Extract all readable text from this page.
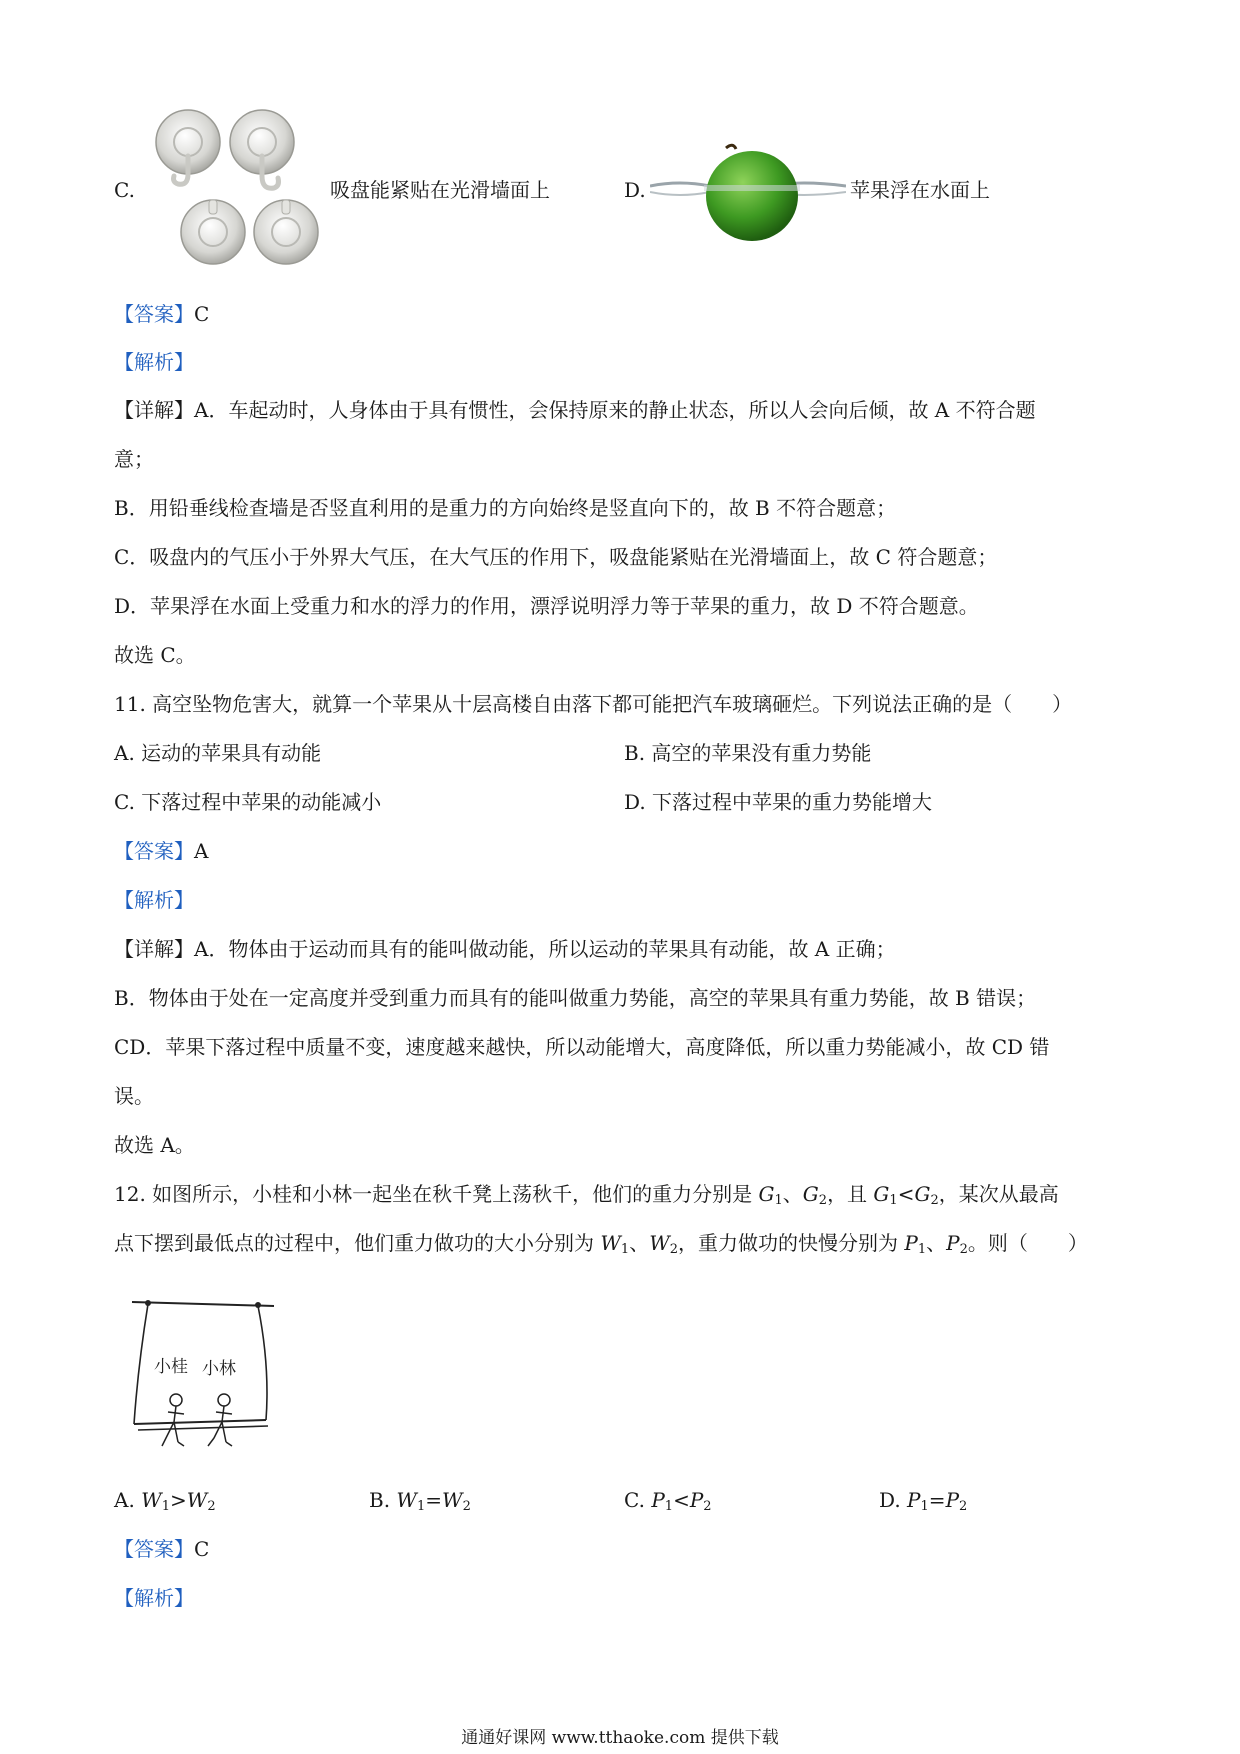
C.	吸盘能紧贴在光滑墙面上	D.	苹果浮在水面上
【答案】C
【解析】
【详解】A．车起动时，人身体由于具有惯性，会保持原来的静止状态，所以人会向后倾，故 A 不符合题
意；
B．用铅垂线检查墙是否竖直利用的是重力的方向始终是竖直向下的，故 B 不符合题意；
C．吸盘内的气压小于外界大气压，在大气压的作用下，吸盘能紧贴在光滑墙面上，故 C 符合题意；
D．苹果浮在水面上受重力和水的浮力的作用，漂浮说明浮力等于苹果的重力，故 D 不符合题意。
故选 C。
11. 高空坠物危害大，就算一个苹果从十层高楼自由落下都可能把汽车玻璃砸烂。下列说法正确的是（　　）
A. 运动的苹果具有动能	B. 高空的苹果没有重力势能
C. 下落过程中苹果的动能减小	D. 下落过程中苹果的重力势能增大
【答案】A
【解析】
【详解】A．物体由于运动而具有的能叫做动能，所以运动的苹果具有动能，故 A 正确；
B．物体由于处在一定高度并受到重力而具有的能叫做重力势能，高空的苹果具有重力势能，故 B 错误；
CD．苹果下落过程中质量不变，速度越来越快，所以动能增大，高度降低，所以重力势能减小，故 CD 错
误。
故选 A。
12. 如图所示，小桂和小林一起坐在秋千凳上荡秋千，他们的重力分别是 $G_1$、$G_2$，且 $G_1<G_2$，某次从最高
点下摆到最低点的过程中，他们重力做功的大小分别为 $W_1$、$W_2$，重力做功的快慢分别为 $P_1$、$P_2$。则（　　）
小桂 小林
A. $W_1>W_2$	B. $W_1=W_2$	C. $P_1<P_2$	D. $P_1=P_2$
【答案】C
【解析】
通通好课网 www.tthaoke.com 提供下载
